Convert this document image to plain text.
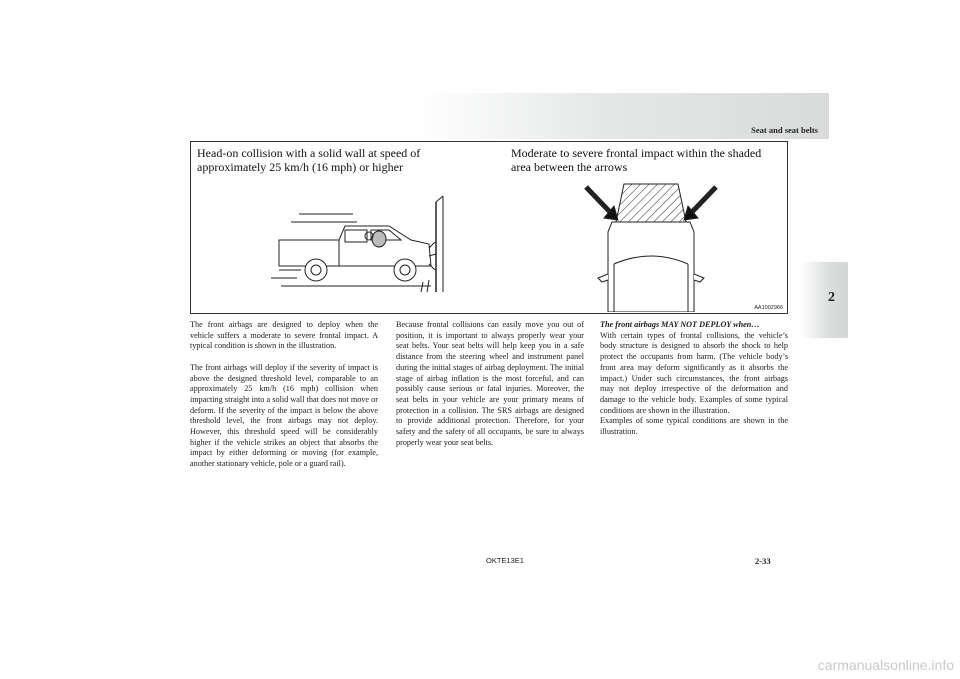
Seat and seat belts
2
Head-on collision with a solid wall at speed of approximately 25 km/h (16 mph) or higher
Moderate to severe frontal impact within the shaded area between the arrows
AA1002966

The front airbags are designed to deploy when the vehicle suffers a moderate to severe frontal impact. A typical condition is shown in the illustration.

The front airbags will deploy if the severity of impact is above the designed threshold level, comparable to an approximately 25 km/h (16 mph) collision when impacting straight into a solid wall that does not move or deform. If the severity of the impact is below the above threshold level, the front airbags may not deploy. However, this threshold speed will be considerably higher if the vehicle strikes an object that absorbs the impact by either deforming or moving (for example, another stationary vehicle, pole or a guard rail).

Because frontal collisions can easily move you out of position, it is important to always properly wear your seat belts. Your seat belts will help keep you in a safe distance from the steering wheel and instrument panel during the initial stages of airbag deployment. The initial stage of airbag inflation is the most forceful, and can possibly cause serious or fatal injuries. Moreover, the seat belts in your vehicle are your primary means of protection in a collision. The SRS airbags are designed to provide additional protection. Therefore, for your safety and the safety of all occupants, be sure to always properly wear your seat belts.

The front airbags MAY NOT DEPLOY when…

With certain types of frontal collisions, the vehicle’s body structure is designed to absorb the shock to help protect the occupants from harm. (The vehicle body’s front area may deform significantly as it absorbs the impact.) Under such circumstances, the front airbags may not deploy irrespective of the deformation and damage to the vehicle body. Examples of some typical conditions are shown in the illustration.

Examples of some typical conditions are shown in the illustration.

OKTE13E1	2-33
carmanualsonline.info
